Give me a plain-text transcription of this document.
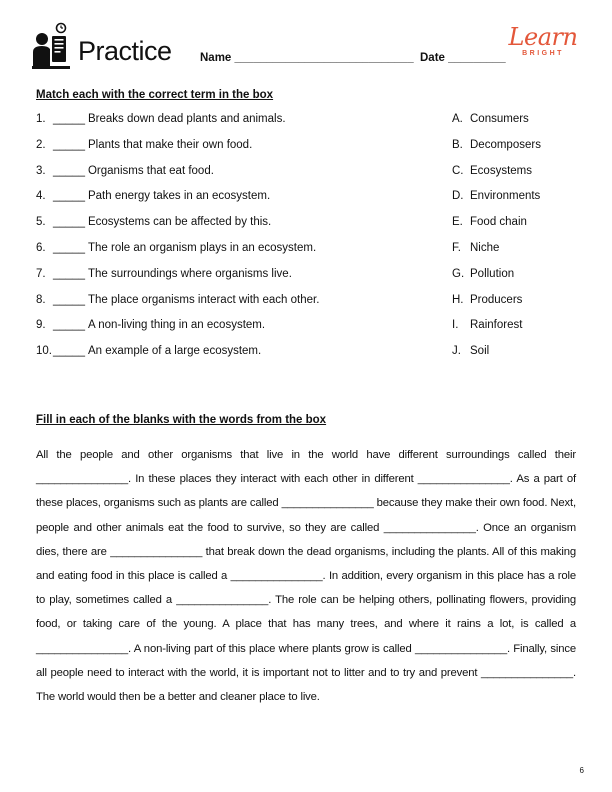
Practice Name ____________________________  Date _________
Learn
BRIGHT
Match each with the correct term in the box
1. _____ Breaks down dead plants and animals.
2. _____ Plants that make their own food.
3. _____ Organisms that eat food.
4. _____ Path energy takes in an ecosystem.
5. _____ Ecosystems can be affected by this.
6. _____ The role an organism plays in an ecosystem.
7. _____ The surroundings where organisms live.
8. _____ The place organisms interact with each other.
9. _____ A non-living thing in an ecosystem.
10. _____ An example of a large ecosystem.
A. Consumers
B. Decomposers
C. Ecosystems
D. Environments
E. Food chain
F. Niche
G. Pollution
H. Producers
I.	Rainforest
J. Soil
Fill in each of the blanks with the words from the box
All the people and other organisms that live in the world have different surroundings called their _______________. In these places they interact with each other in different _______________. As a part of these places, organisms such as plants are called _______________ because they make their own food. Next, people and other animals eat the food to survive, so they are called _______________. Once an organism dies, there are _______________ that break down the dead organisms, including the plants. All of this making and eating food in this place is called a _______________. In addition, every organism in this place has a role to play, sometimes called a _______________. The role can be helping others, pollinating flowers, providing food, or taking care of the young. A place that has many trees, and where it rains a lot, is called a _______________. A non-living part of this place where plants grow is called _______________. Finally, since all people need to interact with the world, it is important not to litter and to try and prevent _______________. The world would then be a better and cleaner place to live.
6
